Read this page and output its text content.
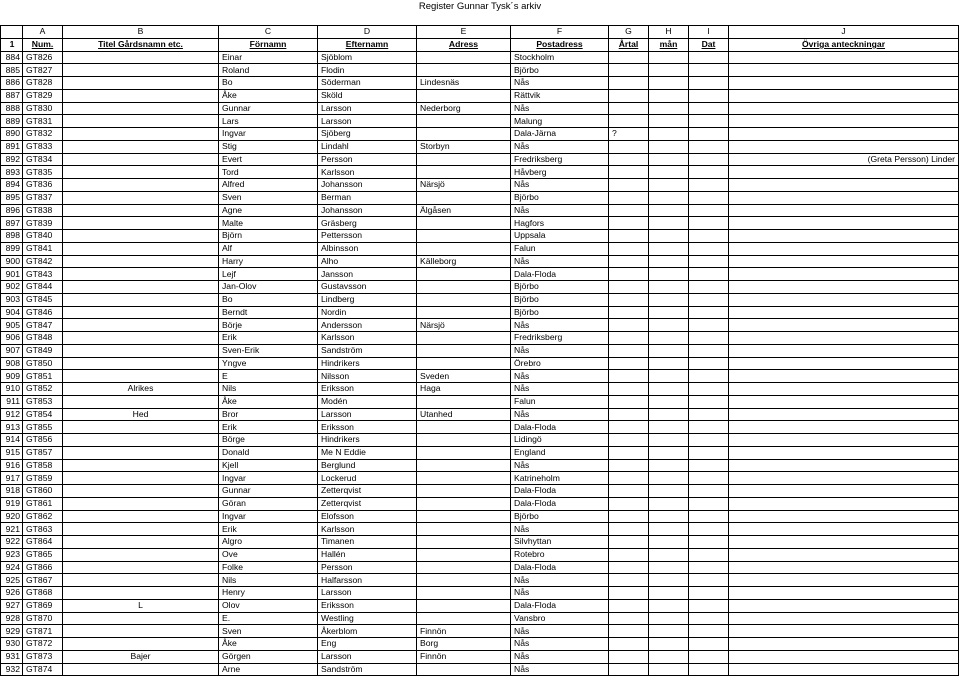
Register Gunnar Tysk´s arkiv
	A	B	C	D	E	F	G	H	I	J
1	Num.	Titel Gårdsnamn etc.	Förnamn	Efternamn	Adress	Postadress	Årtal	mån	Dat	Övriga anteckningar
884	GT826		Einar	Sjöblom		Stockholm				
885	GT827		Roland	Flodin		Björbo				
886	GT828		Bo	Söderman	Lindesnäs	Nås				
887	GT829		Åke	Sköld		Rättvik				
888	GT830		Gunnar	Larsson	Nederborg	Nås				
889	GT831		Lars	Larsson		Malung				
890	GT832		Ingvar	Sjöberg		Dala-Järna	?			
891	GT833		Stig	Lindahl	Storbyn	Nås				
892	GT834		Evert	Persson		Fredriksberg				(Greta Persson) Linder
893	GT835		Tord	Karlsson		Håvberg				
894	GT836		Alfred	Johansson	Närsjö	Nås				
895	GT837		Sven	Berman		Björbo				
896	GT838		Agne	Johansson	Älgåsen	Nås				
897	GT839		Malte	Gräsberg		Hagfors				
898	GT840		Björn	Pettersson		Uppsala				
899	GT841		Alf	Albinsson		Falun				
900	GT842		Harry	Alho	Källeborg	Nås				
901	GT843		Lejf	Jansson		Dala-Floda				
902	GT844		Jan-Olov	Gustavsson		Björbo				
903	GT845		Bo	Lindberg		Björbo				
904	GT846		Berndt	Nordin		Björbo				
905	GT847		Börje	Andersson	Närsjö	Nås				
906	GT848		Erik	Karlsson		Fredriksberg				
907	GT849		Sven-Erik	Sandström		Nås				
908	GT850		Yngve	Hindrikers		Örebro				
909	GT851		E	Nilsson	Sveden	Nås				
910	GT852	Alrikes	Nils	Eriksson	Haga	Nås				
911	GT853		Åke	Modén		Falun				
912	GT854	Hed	Bror	Larsson	Utanhed	Nås				
913	GT855		Erik	Eriksson		Dala-Floda				
914	GT856		Börge	Hindrikers		Lidingö				
915	GT857		Donald	Me N Eddie		England				
916	GT858		Kjell	Berglund		Nås				
917	GT859		Ingvar	Lockerud		Katrineholm				
918	GT860		Gunnar	Zetterqvist		Dala-Floda				
919	GT861		Göran	Zetterqvist		Dala-Floda				
920	GT862		Ingvar	Elofsson		Björbo				
921	GT863		Erik	Karlsson		Nås				
922	GT864		Algro	Timanen		Silvhyttan				
923	GT865		Ove	Hallén		Rotebro				
924	GT866		Folke	Persson		Dala-Floda				
925	GT867		Nils	Halfarsson		Nås				
926	GT868		Henry	Larsson		Nås				
927	GT869	L	Olov	Eriksson		Dala-Floda				
928	GT870		E.	Westling		Vansbro				
929	GT871		Sven	Åkerblom	Finnön	Nås				
930	GT872		Åke	Eng	Borg	Nås				
931	GT873	Bajer	Görgen	Larsson	Finnön	Nås				
932	GT874		Arne	Sandström		Nås				
